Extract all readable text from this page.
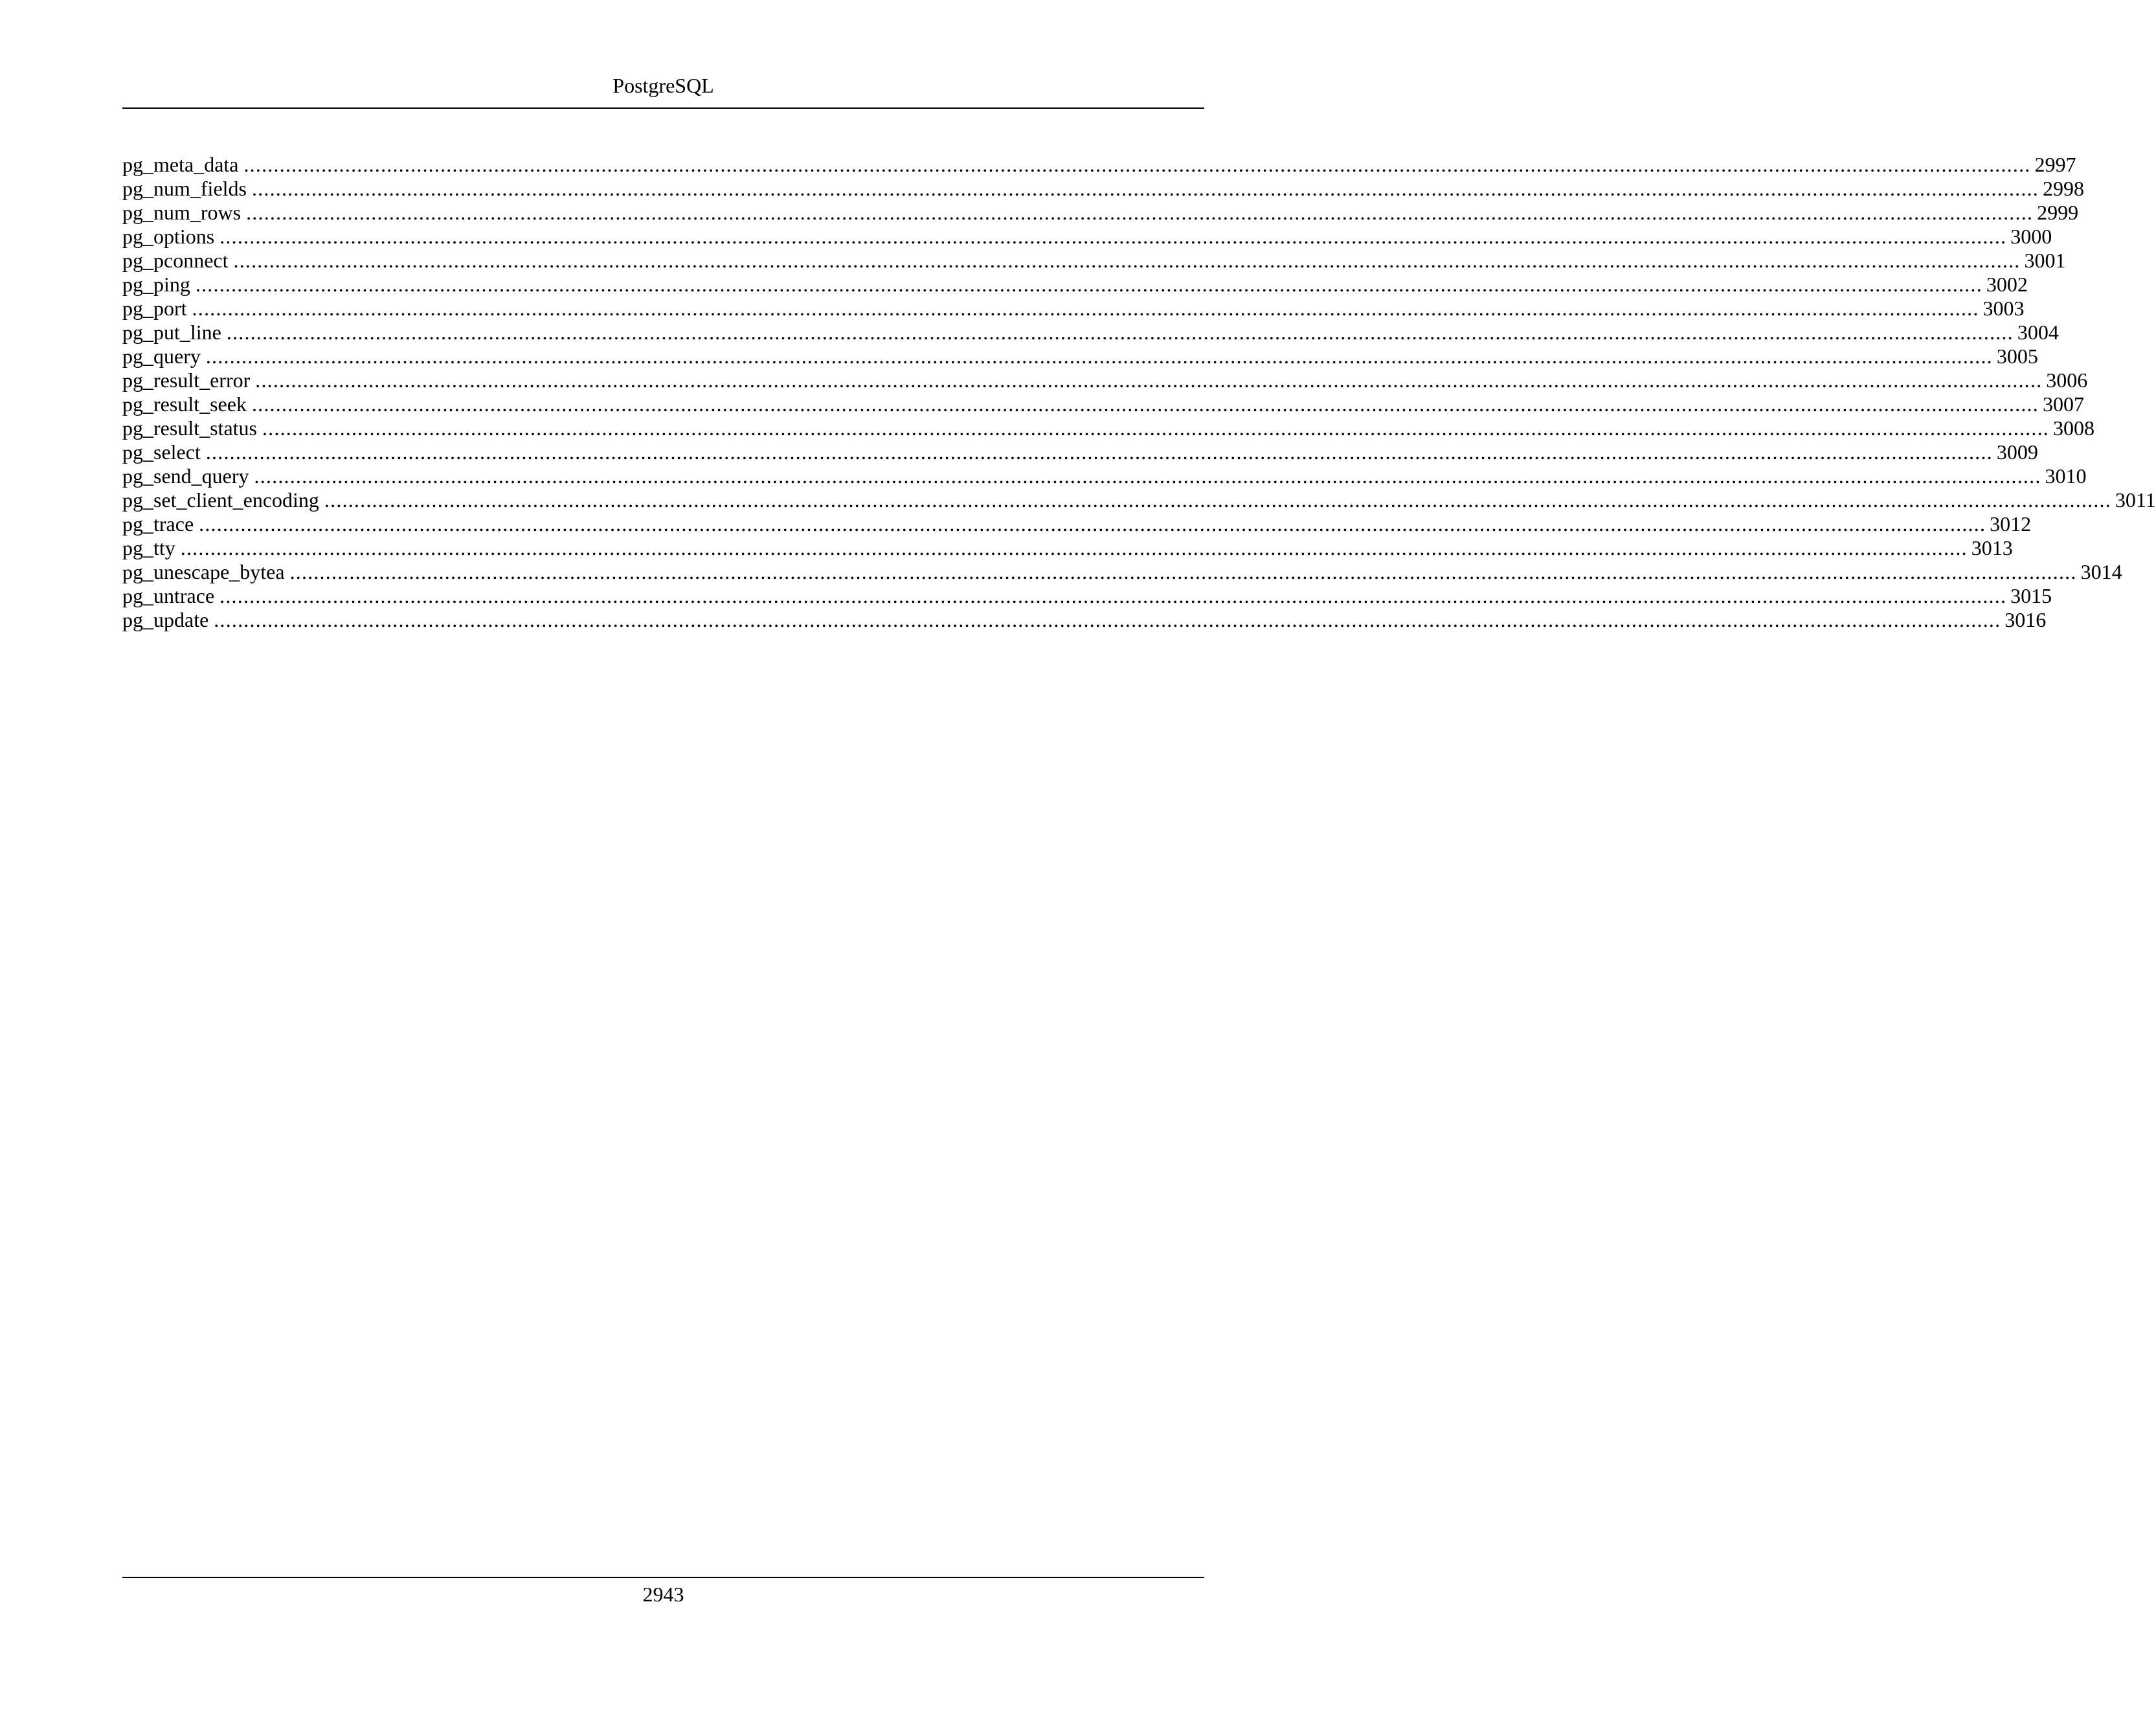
PostgreSQL
pg_meta_data ............................................................................................................................................................................................................................................................................................................ 2997
pg_num_fields ............................................................................................................................................................................................................................................................................................................ 2998
pg_num_rows ............................................................................................................................................................................................................................................................................................................ 2999
pg_options ............................................................................................................................................................................................................................................................................................................ 3000
pg_pconnect ............................................................................................................................................................................................................................................................................................................ 3001
pg_ping ............................................................................................................................................................................................................................................................................................................ 3002
pg_port ............................................................................................................................................................................................................................................................................................................ 3003
pg_put_line ............................................................................................................................................................................................................................................................................................................ 3004
pg_query ............................................................................................................................................................................................................................................................................................................ 3005
pg_result_error ............................................................................................................................................................................................................................................................................................................ 3006
pg_result_seek ............................................................................................................................................................................................................................................................................................................ 3007
pg_result_status ............................................................................................................................................................................................................................................................................................................ 3008
pg_select ............................................................................................................................................................................................................................................................................................................ 3009
pg_send_query ............................................................................................................................................................................................................................................................................................................ 3010
pg_set_client_encoding ............................................................................................................................................................................................................................................................................................................ 3011
pg_trace ............................................................................................................................................................................................................................................................................................................ 3012
pg_tty ............................................................................................................................................................................................................................................................................................................ 3013
pg_unescape_bytea ............................................................................................................................................................................................................................................................................................................ 3014
pg_untrace ............................................................................................................................................................................................................................................................................................................ 3015
pg_update ............................................................................................................................................................................................................................................................................................................ 3016
2943
